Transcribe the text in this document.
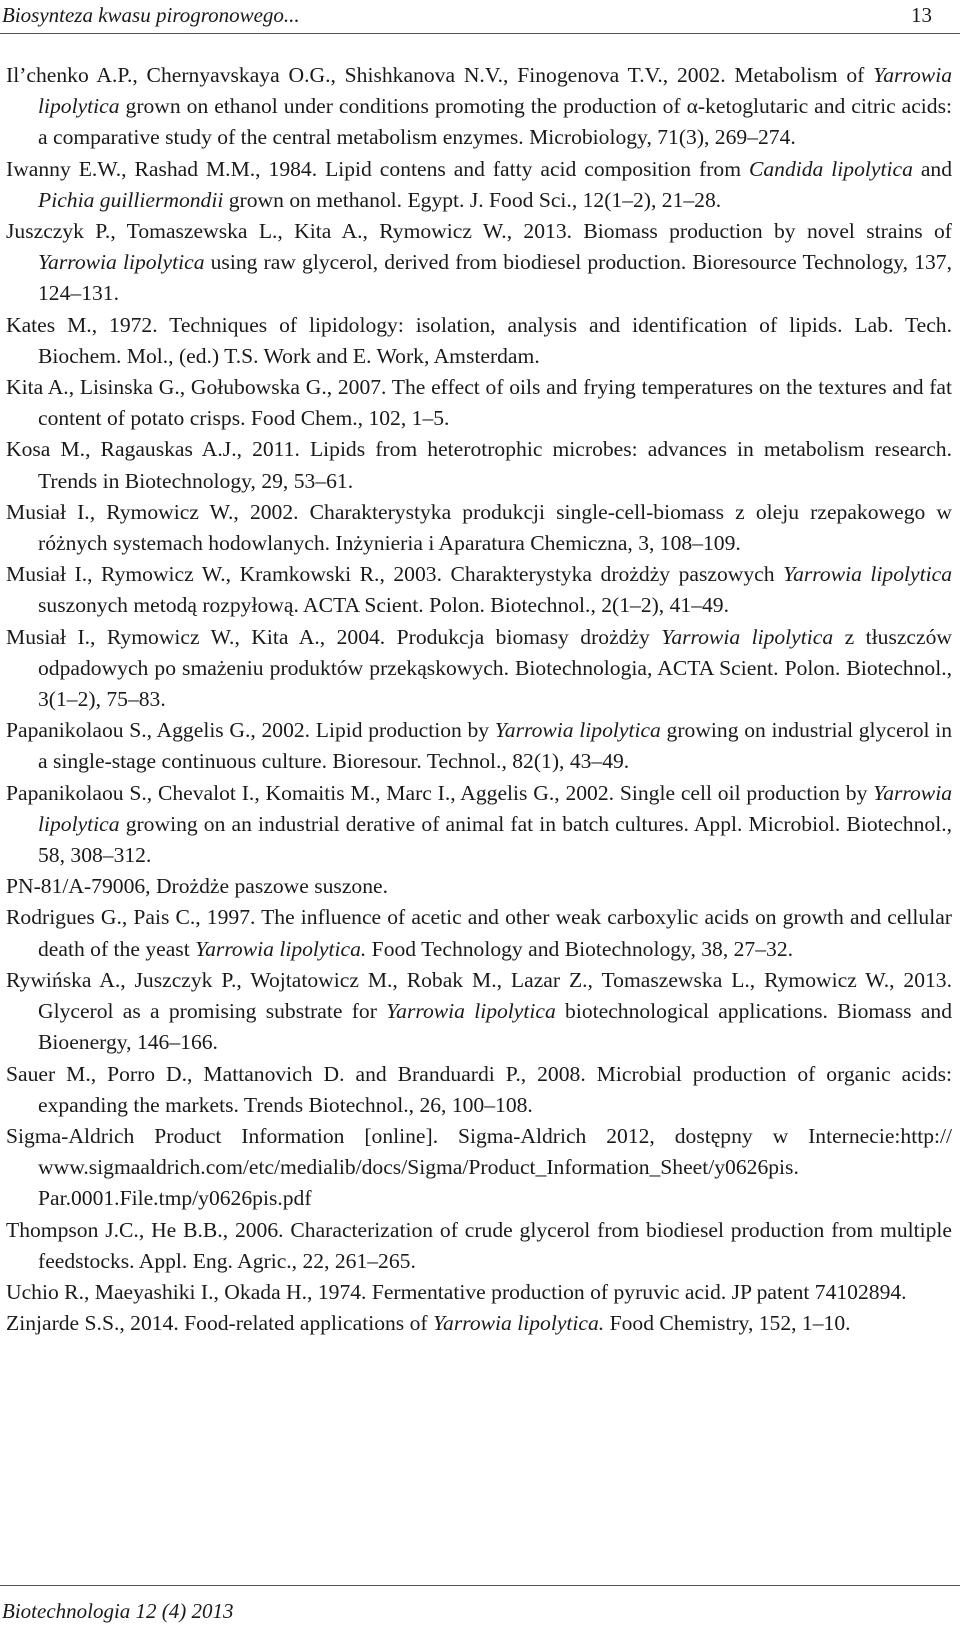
Biosynteza kwasu pirogronowego...	13

Il’chenko A.P., Chernyavskaya O.G., Shishkanova N.V., Finogenova T.V., 2002. Metabolism of Yarrowia lipolytica grown on ethanol under conditions promoting the production of α-ketoglutaric and citric acids: a comparative study of the central metabolism enzymes. Microbiology, 71(3), 269–274.

Iwanny E.W., Rashad M.M., 1984. Lipid contens and fatty acid composition from Candida lipolytica and Pichia guilliermondii grown on methanol. Egypt. J. Food Sci., 12(1–2), 21–28.

Juszczyk P., Tomaszewska L., Kita A., Rymowicz W., 2013. Biomass production by novel strains of Yarrowia lipolytica using raw glycerol, derived from biodiesel production. Bioresource Technology, 137, 124–131.

Kates M., 1972. Techniques of lipidology: isolation, analysis and identification of lipids. Lab. Tech. Biochem. Mol., (ed.) T.S. Work and E. Work, Amsterdam.

Kita A., Lisinska G., Gołubowska G., 2007. The effect of oils and frying temperatures on the textures and fat content of potato crisps. Food Chem., 102, 1–5.

Kosa M., Ragauskas A.J., 2011. Lipids from heterotrophic microbes: advances in metabolism research. Trends in Biotechnology, 29, 53–61.

Musiał I., Rymowicz W., 2002. Charakterystyka produkcji single-cell-biomass z oleju rzepakowego w różnych systemach hodowlanych. Inżynieria i Aparatura Chemiczna, 3, 108–109.

Musiał I., Rymowicz W., Kramkowski R., 2003. Charakterystyka drożdży paszowych Yarrowia lipolytica suszonych metodą rozpyłową. ACTA Scient. Polon. Biotechnol., 2(1–2), 41–49.

Musiał I., Rymowicz W., Kita A., 2004. Produkcja biomasy drożdży Yarrowia lipolytica z tłuszczów odpadowych po smażeniu produktów przekąskowych. Biotechnologia, ACTA Scient. Polon. Biotechnol., 3(1–2), 75–83.

Papanikolaou S., Aggelis G., 2002. Lipid production by Yarrowia lipolytica growing on industrial glycerol in a single-stage continuous culture. Bioresour. Technol., 82(1), 43–49.

Papanikolaou S., Chevalot I., Komaitis M., Marc I., Aggelis G., 2002. Single cell oil production by Yarrowia lipolytica growing on an industrial derative of animal fat in batch cultures. Appl. Microbiol. Biotechnol., 58, 308–312.

PN-81/A-79006, Drożdże paszowe suszone.

Rodrigues G., Pais C., 1997. The influence of acetic and other weak carboxylic acids on growth and cellular death of the yeast Yarrowia lipolytica. Food Technology and Biotechnology, 38, 27–32.

Rywińska A., Juszczyk P., Wojtatowicz M., Robak M., Lazar Z., Tomaszewska L., Rymowicz W., 2013. Glycerol as a promising substrate for Yarrowia lipolytica biotechnological applications. Biomass and Bioenergy, 146–166.

Sauer M., Porro D., Mattanovich D. and Branduardi P., 2008. Microbial production of organic acids: expanding the markets. Trends Biotechnol., 26, 100–108.

Sigma-Aldrich Product Information [online]. Sigma-Aldrich 2012, dostępny w Internecie:http:// www.sigmaaldrich.com/etc/medialib/docs/Sigma/Product_Information_Sheet/y0626pis. Par.0001.File.tmp/y0626pis.pdf

Thompson J.C., He B.B., 2006. Characterization of crude glycerol from biodiesel production from multiple feedstocks. Appl. Eng. Agric., 22, 261–265.

Uchio R., Maeyashiki I., Okada H., 1974. Fermentative production of pyruvic acid. JP patent 74102894.

Zinjarde S.S., 2014. Food-related applications of Yarrowia lipolytica. Food Chemistry, 152, 1–10.

Biotechnologia 12 (4) 2013
